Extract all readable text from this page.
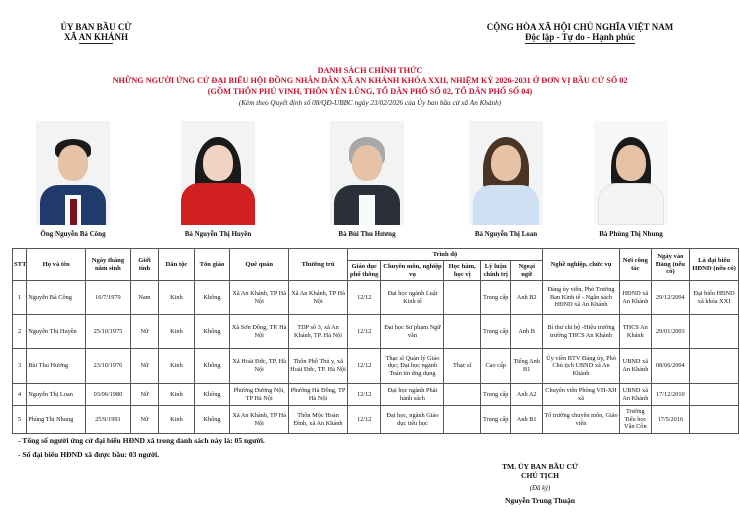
ỦY BAN BẦU CỬ
XÃ AN KHÁNH
CỘNG HÒA XÃ HỘI CHỦ NGHĨA VIỆT NAM
Độc lập - Tự do - Hạnh phúc
DANH SÁCH CHÍNH THỨC
NHỮNG NGƯỜI ỨNG CỬ ĐẠI BIỂU HỘI ĐỒNG NHÂN DÂN XÃ AN KHÁNH KHÓA XXII, NHIỆM KỲ 2026-2031 Ở ĐƠN VỊ BẦU CỬ SỐ 02
(GỒM THÔN PHÚ VINH, THÔN YÊN LŨNG, TỔ DÂN PHỐ SỐ 02, TỔ DÂN PHỐ SỐ 04)
(Kèm theo Quyết định số 08/QĐ-UBBC ngày 23/02/2026 của Ủy ban bầu cử xã An Khánh)
Ông Nguyễn Bá Công	Bà Nguyễn Thị Huyền	Bà Bùi Thu Hương	Bà Nguyễn Thị Loan	Bà Phùng Thị Nhung
STT	Họ và tên	Ngày tháng năm sinh	Giới tính	Dân tộc	Tôn giáo	Quê quán	Thường trú	Trình độ					Nghề nghiệp, chức vụ	Nơi công tác	Ngày vào Đảng (nếu có)	Là đại biểu HĐND (nếu có)
								Giáo dục phổ thông	Chuyên môn, nghiệp vụ	Học hàm, học vị	Lý luận chính trị	Ngoại ngữ				
1	Nguyễn Bá Công	16/7/1979	Nam	Kinh	Không	Xã An Khánh, TP Hà Nội	Xã An Khánh, TP Hà Nội	12/12	Đại học ngành Luật Kinh tế		Trung cấp	Anh B2	Đảng ủy viên, Phó Trưởng Ban Kinh tế - Ngân sách HĐND xã An Khánh	HĐND xã An Khánh	29/12/2004	Đại biểu HĐND xã khóa XXI
2	Nguyễn Thị Huyền	25/10/1975	Nữ	Kinh	Không	Xã Sơn Đồng, TP. Hà Nội	TDP số 3, xã An Khánh, TP. Hà Nội	12/12	Đại học Sư phạm Ngữ văn		Trung cấp	Anh B	Bí thư chi bộ -Hiệu trưởng trường THCS An Khánh	THCS An Khánh	29/01/2003	
3	Bùi Thu Hương	23/10/1976	Nữ	Kinh	Không	Xã Hoài Đức, TP. Hà Nội	Thôn Phố Thủ y, xã Hoài Đức, TP. Hà Nội	12/12	Thạc sĩ Quản lý Giáo dục; Đại học ngành Toán tin ứng dụng	Thạc sĩ	Cao cấp	Tiếng Anh B1	Ủy viên BTV Đảng ủy, Phó Chủ tịch UBND xã An Khánh	UBND xã An Khánh	08/06/2004	
4	Nguyễn Thị Loan	03/06/1980	Nữ	Kinh	Không	Phường Dương Nội, TP Hà Nội	Phường Hà Đông, TP Hà Nội	12/12	Đại học ngành Phát hành sách		Trung cấp	Anh A2	Chuyên viên Phòng VH-XH xã	UBND xã An Khánh	17/12/2010	
5	Phùng Thị Nhung	25/9/1991	Nữ	Kinh	Không	Xã An Khánh, TP Hà Nội	Thôn Mộc Hoàn Đình, xã An Khánh	12/12	Đại học, ngành Giáo dục tiểu học		Trung cấp	Anh B1	Tổ trưởng chuyên môn, Giáo viên	Trường Tiểu học Vân Côn	17/5/2016	
- Tổng số người ứng cử đại biểu HĐND xã trong danh sách này là: 05 người.
- Số đại biểu HĐND xã được bầu: 03 người.
TM. ỦY BAN BẦU CỬ
CHỦ TỊCH
(Đã ký)
Nguyễn Trung Thuận
